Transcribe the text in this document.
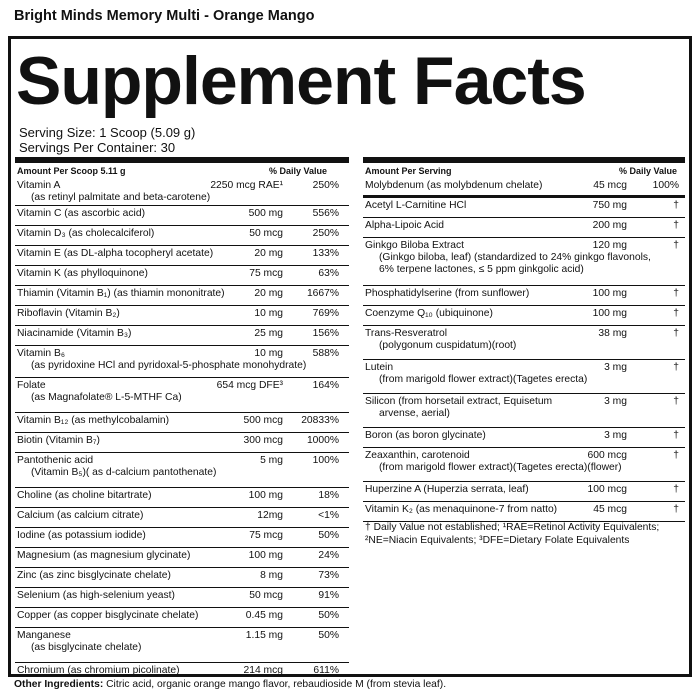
Bright Minds Memory Multi - Orange Mango
Supplement Facts
Serving Size: 1 Scoop (5.09 g)
Servings Per Container: 30
Amount Per Scoop 5.11 g	% Daily Value
Vitamin A
(as retinyl palmitate and beta-carotene)
2250 mcg RAE¹	250%
Vitamin C (as ascorbic acid)	500 mg	556%
Vitamin D₃ (as cholecalciferol)	50 mcg	250%
Vitamin E (as DL-alpha tocopheryl acetate)	20 mg	133%
Vitamin K (as phylloquinone)	75 mcg	63%
Thiamin (Vitamin B₁) (as thiamin mononitrate)	20 mg 1667%
Riboflavin (Vitamin B₂)	10 mg	769%
Niacinamide (Vitamin B₃)	25 mg	156%
Vitamin B₆
(as pyridoxine HCl and pyridoxal-5-phosphate monohydrate)
10 mg	588%
Folate
(as Magnafolate® L-5-MTHF Ca)
654 mcg DFE³	164%
Vitamin B₁₂ (as methylcobalamin)	500 mcg 20833%
Biotin (Vitamin B₇)	300 mcg 1000%
Pantothenic acid
(Vitamin B₅)( as d-calcium pantothenate)
5 mg	100%
Choline (as choline bitartrate)	100 mg	18%
Calcium (as calcium citrate)	12mg	<1%
Iodine (as potassium iodide)	75 mcg	50%
Magnesium (as magnesium glycinate)	100 mg	24%
Zinc (as zinc bisglycinate chelate)	8 mg	73%
Selenium (as high-selenium yeast)	50 mcg	91%
Copper (as copper bisglycinate chelate)	0.45 mg	50%
Manganese
(as bisglycinate chelate)
1.15 mg	50%
Chromium (as chromium picolinate)	214 mcg	611%
Amount Per Serving	% Daily Value
Molybdenum (as molybdenum chelate)	45 mcg 100%
Acetyl L-Carnitine HCl	750 mg	†
Alpha-Lipoic Acid	200 mg	†
Ginkgo Biloba Extract
(Ginkgo biloba, leaf) (standardized to 24% ginkgo flavonols,
6% terpene lactones, ≤ 5 ppm ginkgolic acid)
120 mg	†
Phosphatidylserine (from sunflower)	100 mg	†
Coenzyme Q₁₀ (ubiquinone)	100 mg	†
Trans-Resveratrol
(polygonum cuspidatum)(root)
38 mg	†
Lutein
(from marigold flower extract)(Tagetes erecta)
3 mg	†
Silicon (from horsetail extract, Equisetum
arvense, aerial)
3 mg	†
Boron (as boron glycinate)	3 mg	†
Zeaxanthin, carotenoid
(from marigold flower extract)(Tagetes erecta)(flower)
600 mcg	†
Huperzine A (Huperzia serrata, leaf)	100 mcg	†
Vitamin K₂ (as menaquinone-7 from natto)	45 mcg	†
† Daily Value not established; ¹RAE=Retinol Activity Equivalents; ²NE=Niacin Equivalents; ³DFE=Dietary Folate Equivalents
Other Ingredients: Citric acid, organic orange mango flavor, rebaudioside M (from stevia leaf).
